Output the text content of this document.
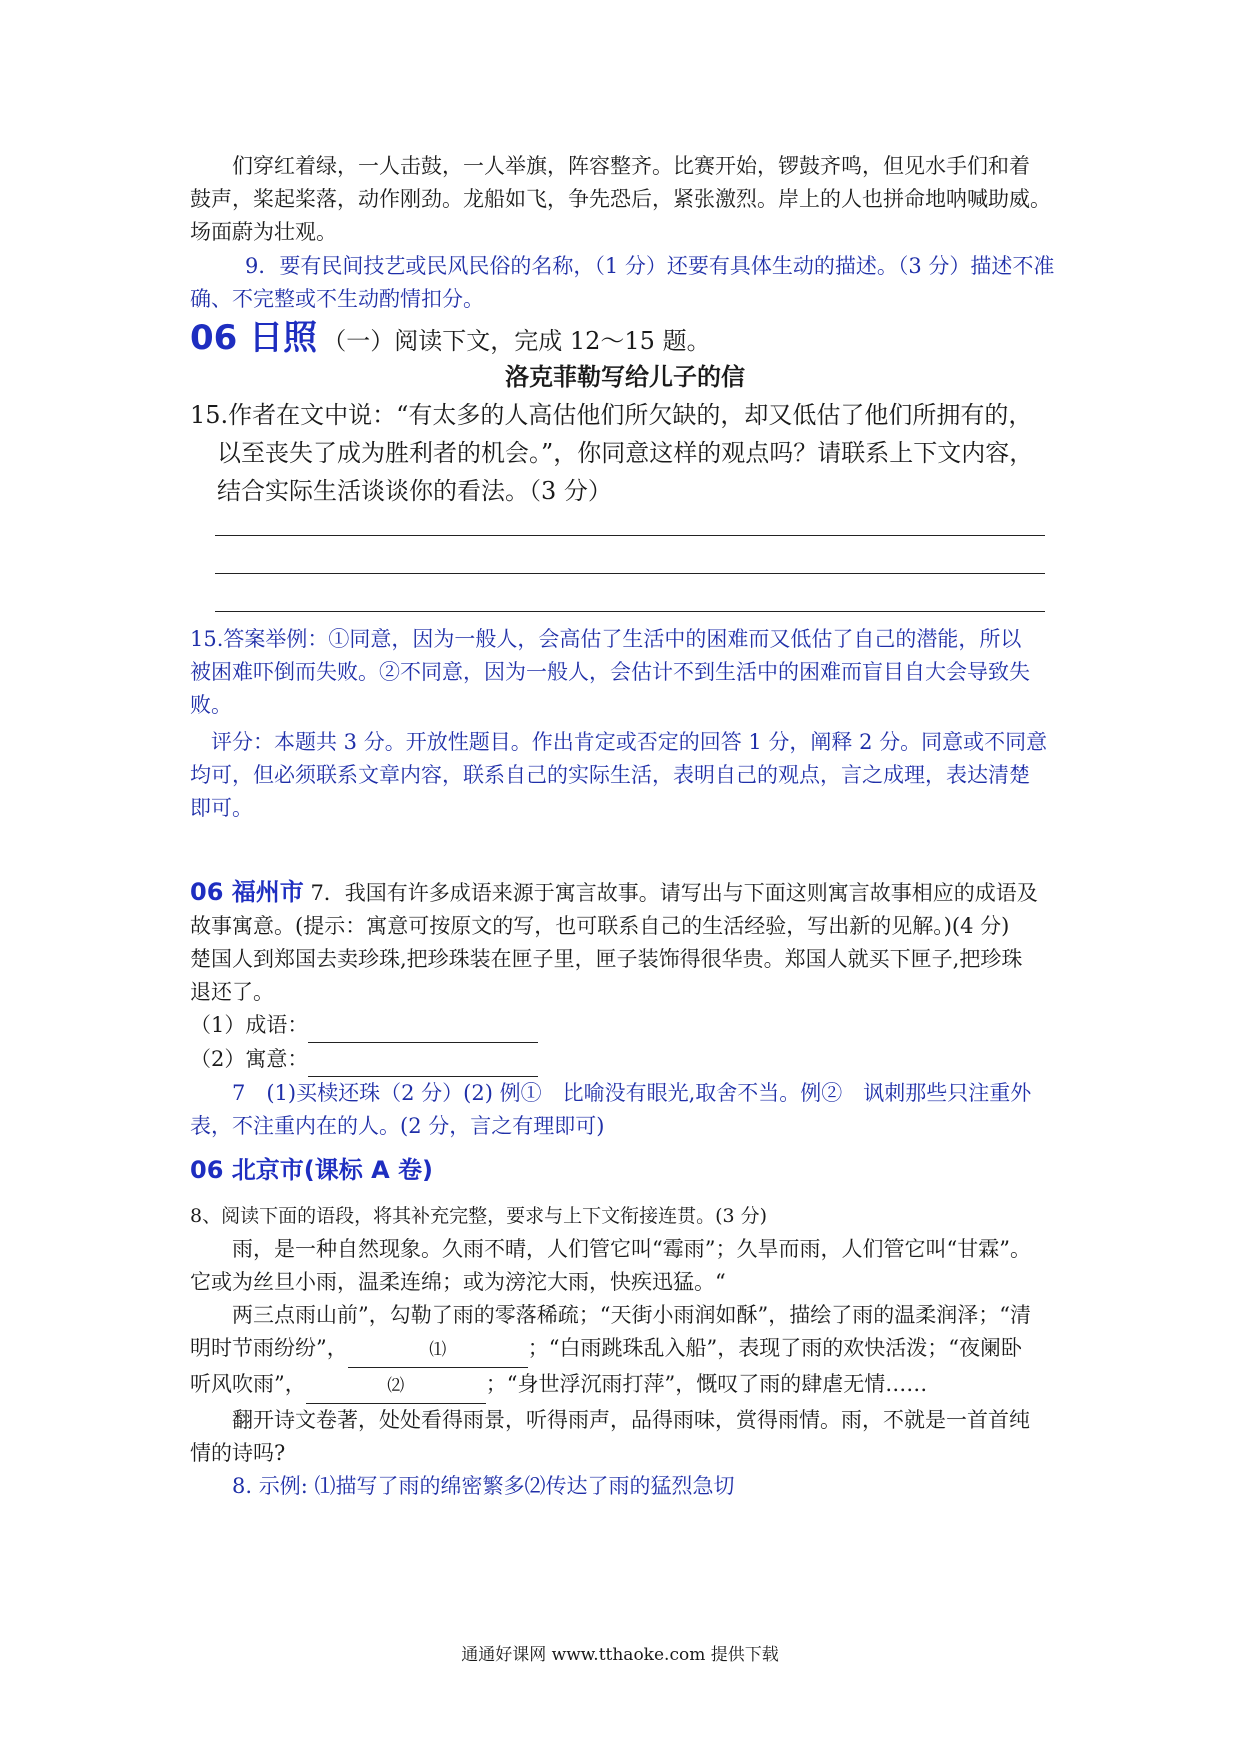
们穿红着绿，一人击鼓，一人举旗，阵容整齐。比赛开始，锣鼓齐鸣，但见水手们和着

鼓声，桨起桨落，动作刚劲。龙船如飞，争先恐后，紧张激烈。岸上的人也拼命地呐喊助威。

场面蔚为壮观。

9．要有民间技艺或民风民俗的名称，（1 分）还要有具体生动的描述。（3 分）描述不准

确、不完整或不生动酌情扣分。

06 日照 （一）阅读下文，完成 12～15 题。
洛克菲勒写给儿子的信

15.作者在文中说：“有太多的人高估他们所欠缺的，却又低估了他们所拥有的，

以至丧失了成为胜利者的机会。”，你同意这样的观点吗？请联系上下文内容，

结合实际生活谈谈你的看法。（3 分）

15.答案举例：①同意，因为一般人，会高估了生活中的困难而又低估了自己的潜能，所以

被困难吓倒而失败。②不同意，因为一般人，会估计不到生活中的困难而盲目自大会导致失

败。

评分：本题共 3 分。开放性题目。作出肯定或否定的回答 1 分，阐释 2 分。同意或不同意

均可，但必须联系文章内容，联系自己的实际生活，表明自己的观点，言之成理，表达清楚

即可。

06 福州市 7．我国有许多成语来源于寓言故事。请写出与下面这则寓言故事相应的成语及

故事寓意。(提示：寓意可按原文的写，也可联系自己的生活经验，写出新的见解。)(4 分)

楚国人到郑国去卖珍珠,把珍珠装在匣子里，匣子装饰得很华贵。郑国人就买下匣子,把珍珠

退还了。

（1）成语：

（2）寓意：

7　(1)买椟还珠（2 分）(2) 例①　比喻没有眼光,取舍不当。例②　讽刺那些只注重外

表，不注重内在的人。(2 分，言之有理即可)

06 北京市(课标 A 卷)

8、阅读下面的语段，将其补充完整，要求与上下文衔接连贯。(3 分)

雨，是一种自然现象。久雨不晴，人们管它叫“霉雨”；久旱而雨，人们管它叫“甘霖”。

它或为丝旦小雨，温柔连绵；或为滂沱大雨，快疾迅猛。“

两三点雨山前”，勾勒了雨的零落稀疏；“天街小雨润如酥”，描绘了雨的温柔润泽；“清

明时节雨纷纷”，	⑴	；“白雨跳珠乱入船”，表现了雨的欢快活泼；“夜阑卧

听风吹雨”，	⑵	；“身世浮沉雨打萍”，慨叹了雨的肆虐无情……

翻开诗文卷著，处处看得雨景，听得雨声，品得雨味，赏得雨情。雨，不就是一首首纯

情的诗吗?

8. 示例: ⑴描写了雨的绵密繁多⑵传达了雨的猛烈急切

通通好课网 www.tthaoke.com 提供下载
